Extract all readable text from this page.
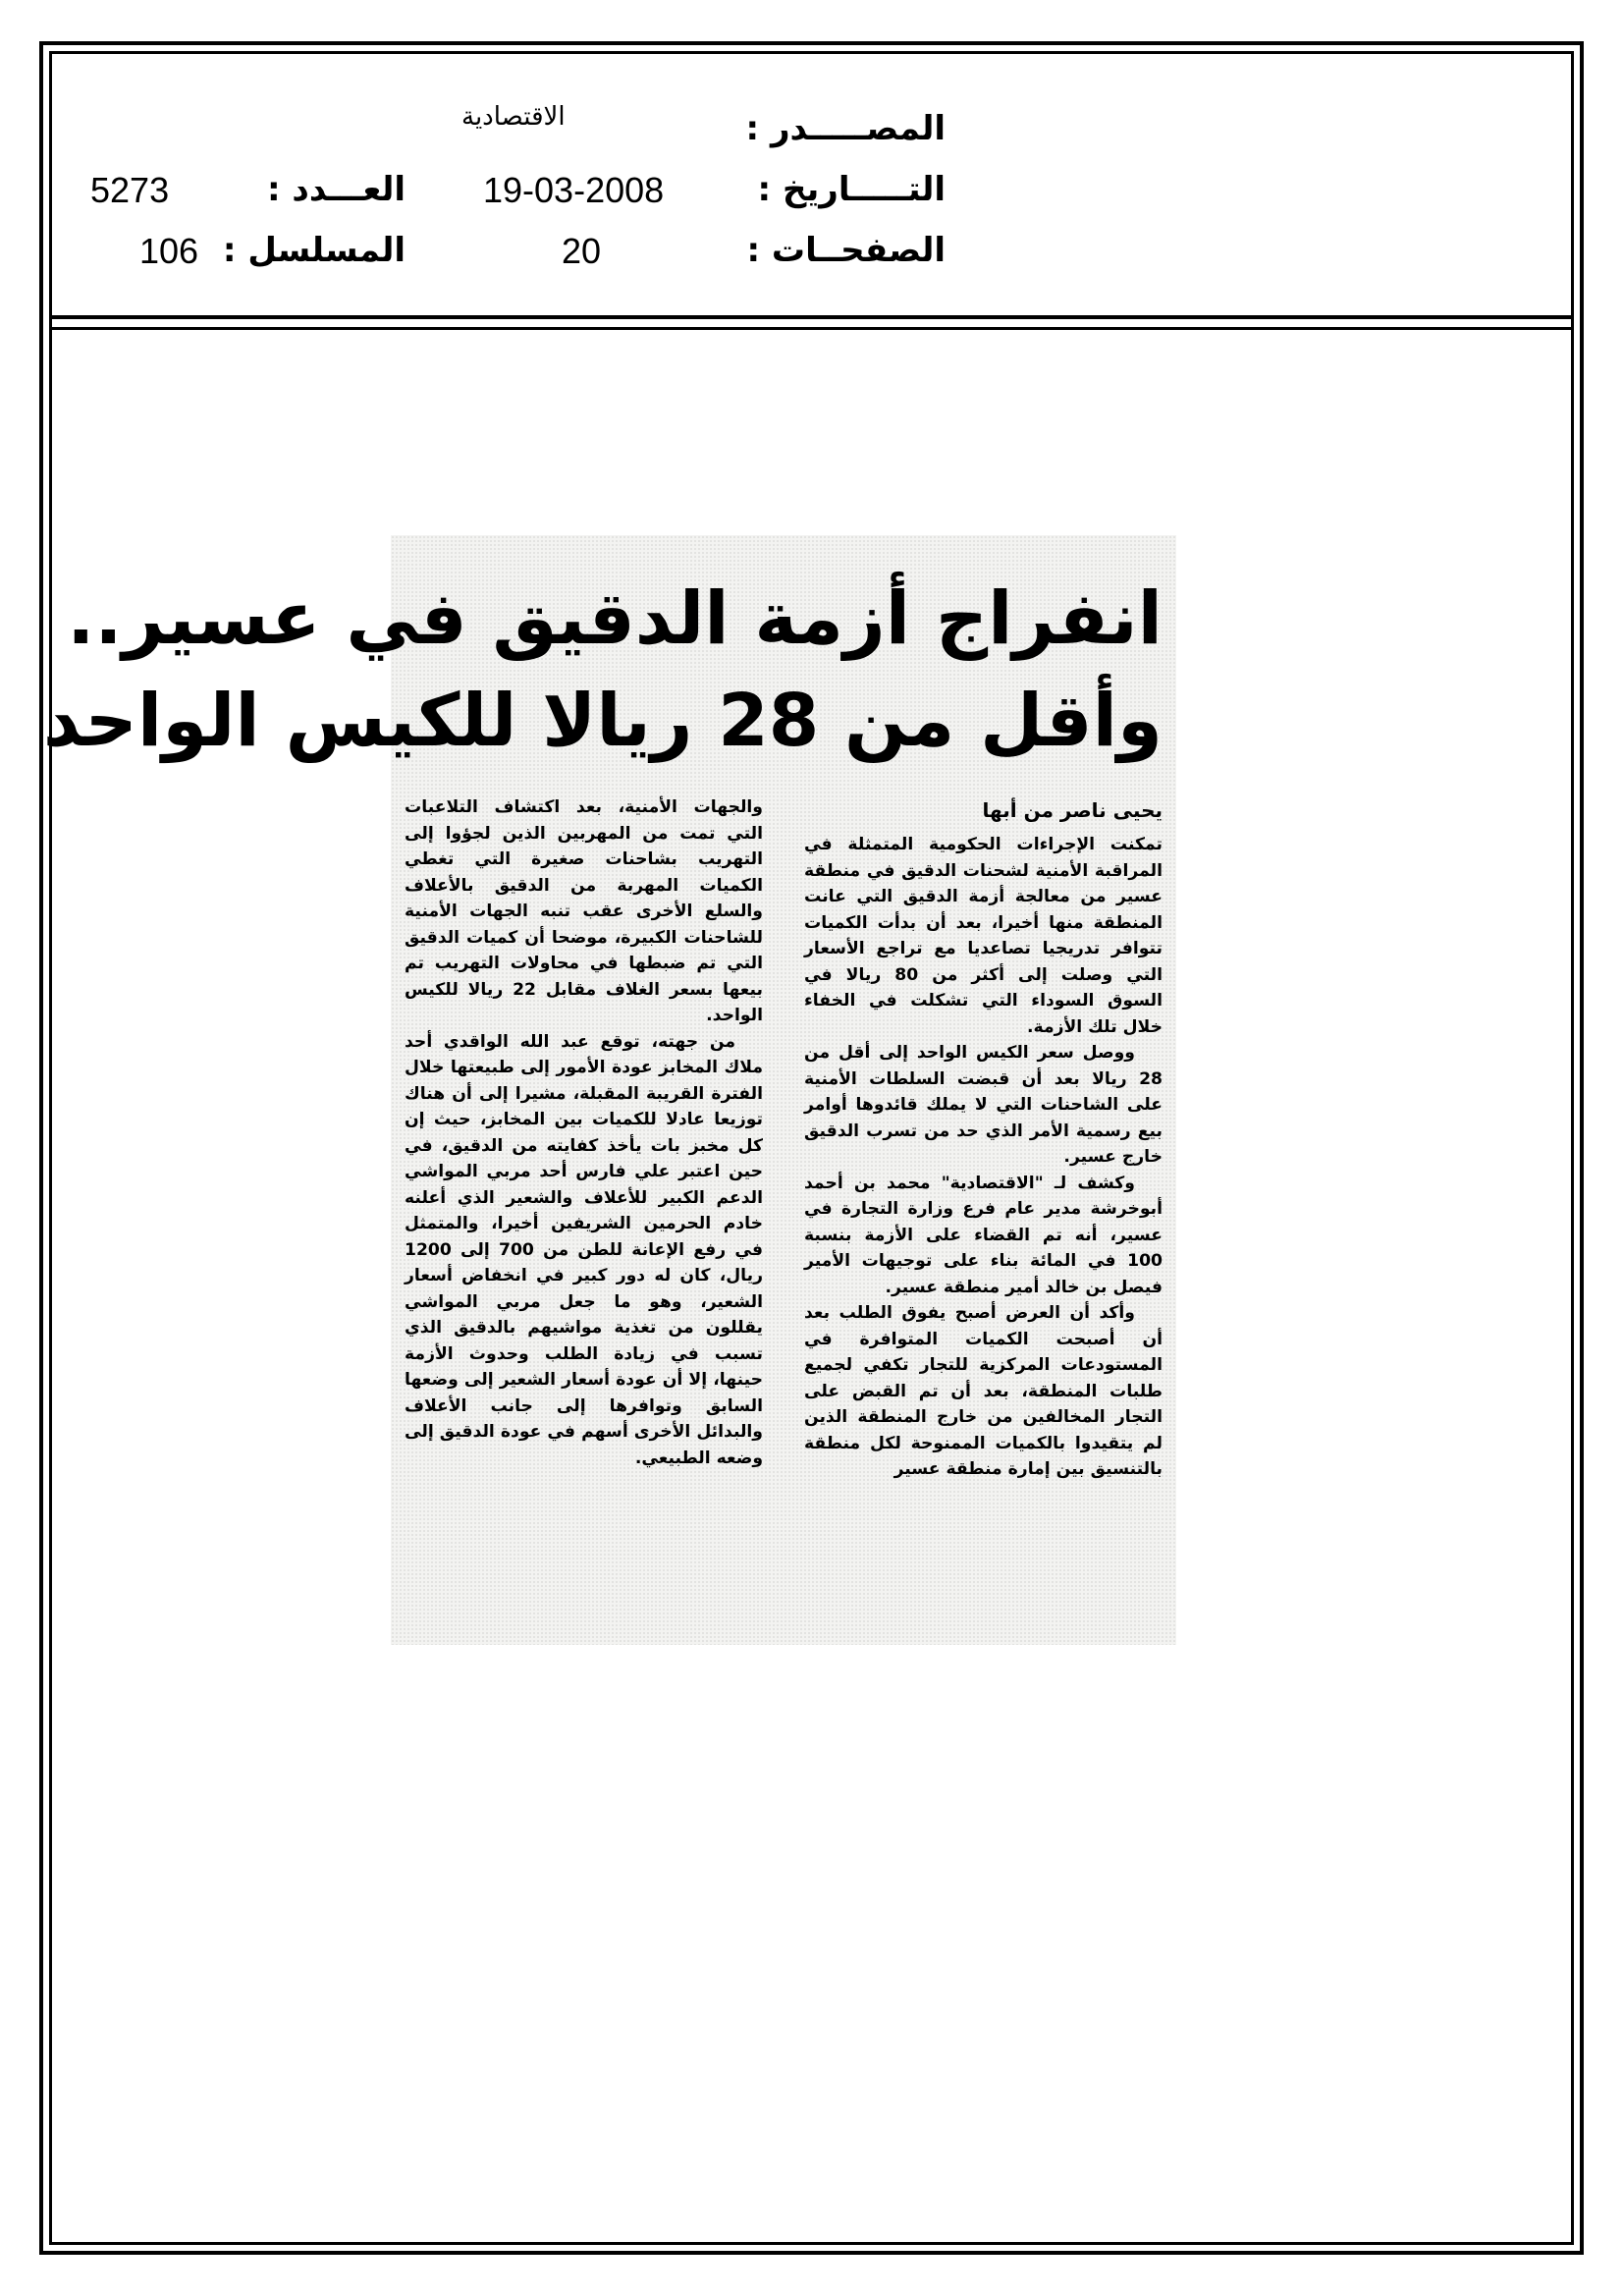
المصـــــدر :
الاقتصادية
التـــــاريخ :
19-03-2008
العـــدد :
5273
الصفحــات :
20
المسلسل :
106
انفراج أزمة الدقيق في عسير..
وأقل من 28 ريالا للكيس الواحد
يحيى ناصر من أبها

تمكنت الإجراءات الحكومية المتمثلة في المراقبة الأمنية لشحنات الدقيق في منطقة عسير من معالجة أزمة الدقيق التي عانت المنطقة منها أخيرا، بعد أن بدأت الكميات تتوافر تدريجيا تصاعديا مع تراجع الأسعار التي وصلت إلى أكثر من 80 ريالا في السوق السوداء التي تشكلت في الخفاء خلال تلك الأزمة.

ووصل سعر الكيس الواحد إلى أقل من 28 ريالا بعد أن قبضت السلطات الأمنية على الشاحنات التي لا يملك قائدوها أوامر بيع رسمية الأمر الذي حد من تسرب الدقيق خارج عسير.

وكشف لـ "الاقتصادية" محمد بن أحمد أبوخرشة مدير عام فرع وزارة التجارة في عسير، أنه تم القضاء على الأزمة بنسبة 100 في المائة بناء على توجيهات الأمير فيصل بن خالد أمير منطقة عسير.

وأكد أن العرض أصبح يفوق الطلب بعد أن أصبحت الكميات المتوافرة في المستودعات المركزية للتجار تكفي لجميع طلبات المنطقة، بعد أن تم القبض على التجار المخالفين من خارج المنطقة الذين لم يتقيدوا بالكميات الممنوحة لكل منطقة بالتنسيق بين إمارة منطقة عسير

والجهات الأمنية، بعد اكتشاف التلاعبات التي تمت من المهربين الذين لجؤوا إلى التهريب بشاحنات صغيرة التي تغطي الكميات المهربة من الدقيق بالأعلاف والسلع الأخرى عقب تنبه الجهات الأمنية للشاحنات الكبيرة، موضحا أن كميات الدقيق التي تم ضبطها في محاولات التهريب تم بيعها بسعر الغلاف مقابل 22 ريالا للكيس الواحد.

من جهته، توقع عبد الله الواقدي أحد ملاك المخابز عودة الأمور إلى طبيعتها خلال الفترة القريبة المقبلة، مشيرا إلى أن هناك توزيعا عادلا للكميات بين المخابز، حيث إن كل مخبز بات يأخذ كفايته من الدقيق، في حين اعتبر علي فارس أحد مربي المواشي الدعم الكبير للأعلاف والشعير الذي أعلنه خادم الحرمين الشريفين أخيرا، والمتمثل في رفع الإعانة للطن من 700 إلى 1200 ريال، كان له دور كبير في انخفاض أسعار الشعير، وهو ما جعل مربي المواشي يقللون من تغذية مواشيهم بالدقيق الذي تسبب في زيادة الطلب وحدوث الأزمة حينها، إلا أن عودة أسعار الشعير إلى وضعها السابق وتوافرها إلى جانب الأعلاف والبدائل الأخرى أسهم في عودة الدقيق إلى وضعه الطبيعي.
